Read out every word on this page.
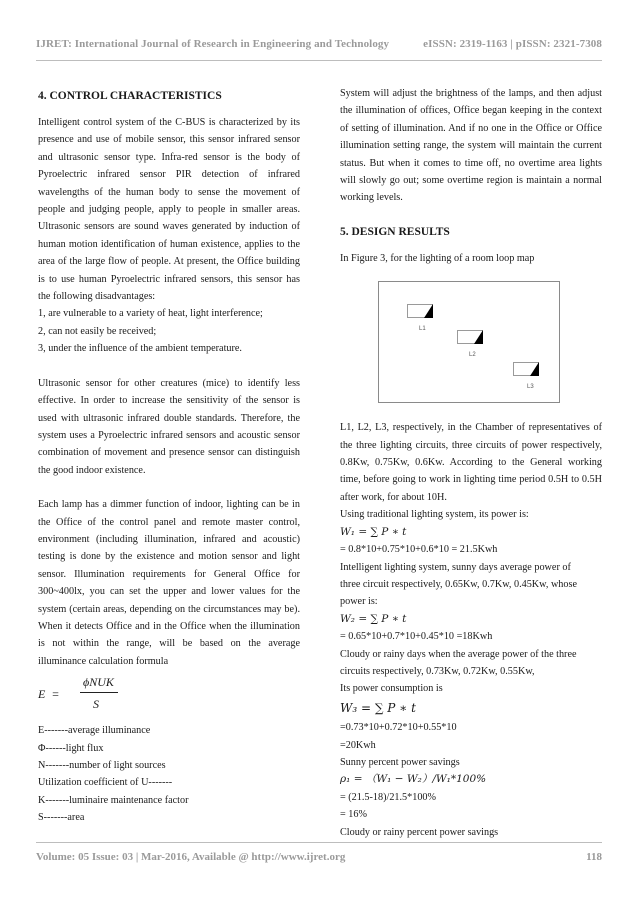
IJRET: International Journal of Research in Engineering and Technology	eISSN: 2319-1163 | pISSN: 2321-7308
4. CONTROL CHARACTERISTICS

Intelligent control system of the C-BUS is characterized by its presence and use of mobile sensor, this sensor infrared sensor and ultrasonic sensor type. Infra-red sensor is the body of Pyroelectric infrared sensor PIR detection of infrared wavelengths of the human body to sense the movement of people and judging people, apply to people in smaller areas. Ultrasonic sensors are sound waves generated by induction of human motion identification of human existence, applies to the area of the large flow of people. At present, the Office building is to use human Pyroelectric infrared sensors, this sensor has the following disadvantages:

1, are vulnerable to a variety of heat, light interference;
2, can not easily be received;
3, under the influence of the ambient temperature.

Ultrasonic sensor for other creatures (mice) to identify less effective. In order to increase the sensitivity of the sensor is used with ultrasonic infrared double standards. Therefore, the system uses a Pyroelectric infrared sensors and acoustic sensor combination of movement and presence sensor can distinguish the good indoor existence.

Each lamp has a dimmer function of indoor, lighting can be in the Office of the control panel and remote master control, environment (including illumination, infrared and acoustic) testing is done by the existence and motion sensor and light sensor. Illumination requirements for General Office for 300~400lx, you can set the upper and lower values for the system (certain areas, depending on the circumstances may be). When it detects Office and in the Office when the illumination is not within the range, will be based on the average illuminance calculation formula

E =
ϕNUK
S
E-------average illuminance
Φ------light flux
N-------number of light sources
Utilization coefficient of U-------
K-------luminaire maintenance factor
S-------area

System will adjust the brightness of the lamps, and then adjust the illumination of offices, Office began keeping in the context of setting of illumination. And if no one in the Office or Office illumination setting range, the system will maintain the current status. But when it comes to time off, no overtime area lights will slowly go out; some overtime region is maintain a normal working levels.

5. DESIGN RESULTS
In Figure 3, for the lighting of a room loop map
L1
L2
L3

L1, L2, L3, respectively, in the Chamber of representatives of the three lighting circuits, three circuits of power respectively, 0.8Kw, 0.75Kw, 0.6Kw. According to the General working time, before going to work in lighting time period 0.5H to 0.5H after work, for about 10H.

Using traditional lighting system, its power is:
W₁ = ∑ P ∗ t
= 0.8*10+0.75*10+0.6*10 = 21.5Kwh
Intelligent lighting system, sunny days average power of
three circuit respectively, 0.65Kw, 0.7Kw, 0.45Kw, whose
power is:
W₂ = ∑ P ∗ t
= 0.65*10+0.7*10+0.45*10 =18Kwh
Cloudy or rainy days when the average power of the three
circuits respectively, 0.73Kw, 0.72Kw, 0.55Kw,
Its power consumption is
W₃ = ∑ P ∗ t
=0.73*10+0.72*10+0.55*10
=20Kwh
Sunny percent power savings
ρ₁ = （W₁ − W₂）/W₁*100%
= (21.5-18)/21.5*100%
= 16%
Cloudy or rainy percent power savings
Volume: 05 Issue: 03 | Mar-2016, Available @ http://www.ijret.org	118
